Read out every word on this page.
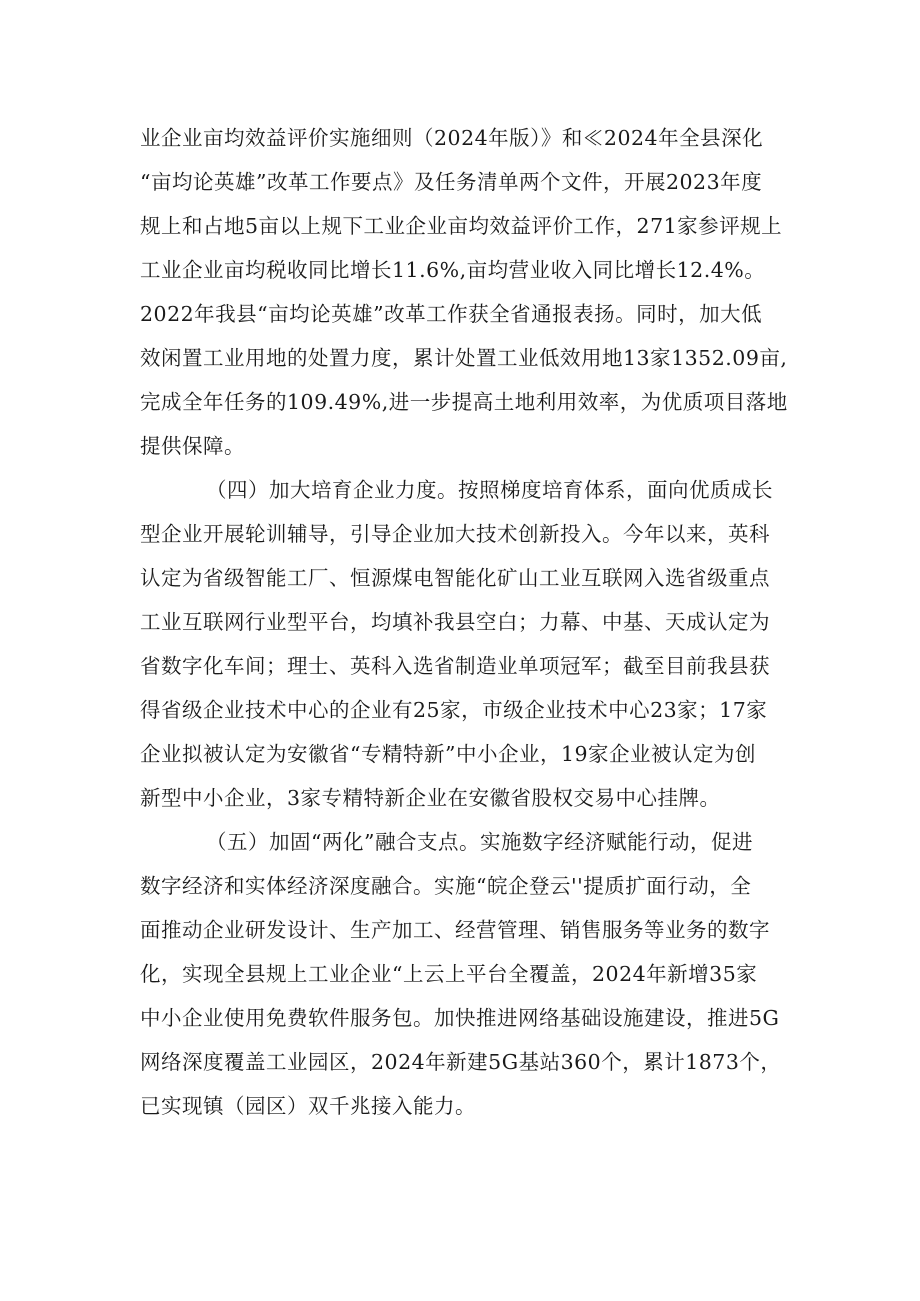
业企业亩均效益评价实施细则（2024年版）》和≪2024年全县深化
“亩均论英雄”改革工作要点》及任务清单两个文件，开展2023年度
规上和占地5亩以上规下工业企业亩均效益评价工作，271家参评规上
工业企业亩均税收同比增长11.6%,亩均营业收入同比增长12.4%。
2022年我县“亩均论英雄”改革工作获全省通报表扬。同时，加大低
效闲置工业用地的处置力度，累计处置工业低效用地13家1352.09亩,
完成全年任务的109.49%,进一步提高土地利用效率，为优质项目落地
提供保障。
（四）加大培育企业力度。按照梯度培育体系，面向优质成长
型企业开展轮训辅导，引导企业加大技术创新投入。今年以来，英科
认定为省级智能工厂、恒源煤电智能化矿山工业互联网入选省级重点
工业互联网行业型平台，均填补我县空白；力幕、中基、天成认定为
省数字化车间；理士、英科入选省制造业单项冠军；截至目前我县获
得省级企业技术中心的企业有25家，市级企业技术中心23家；17家
企业拟被认定为安徽省“专精特新”中小企业，19家企业被认定为创
新型中小企业，3家专精特新企业在安徽省股权交易中心挂牌。
（五）加固“两化”融合支点。实施数字经济赋能行动，促进
数字经济和实体经济深度融合。实施“皖企登云''提质扩面行动，全
面推动企业研发设计、生产加工、经营管理、销售服务等业务的数字
化，实现全县规上工业企业“上云上平台全覆盖，2024年新增35家
中小企业使用免费软件服务包。加快推进网络基础设施建设，推进5G
网络深度覆盖工业园区，2024年新建5G基站360个，累计1873个，
已实现镇（园区）双千兆接入能力。
